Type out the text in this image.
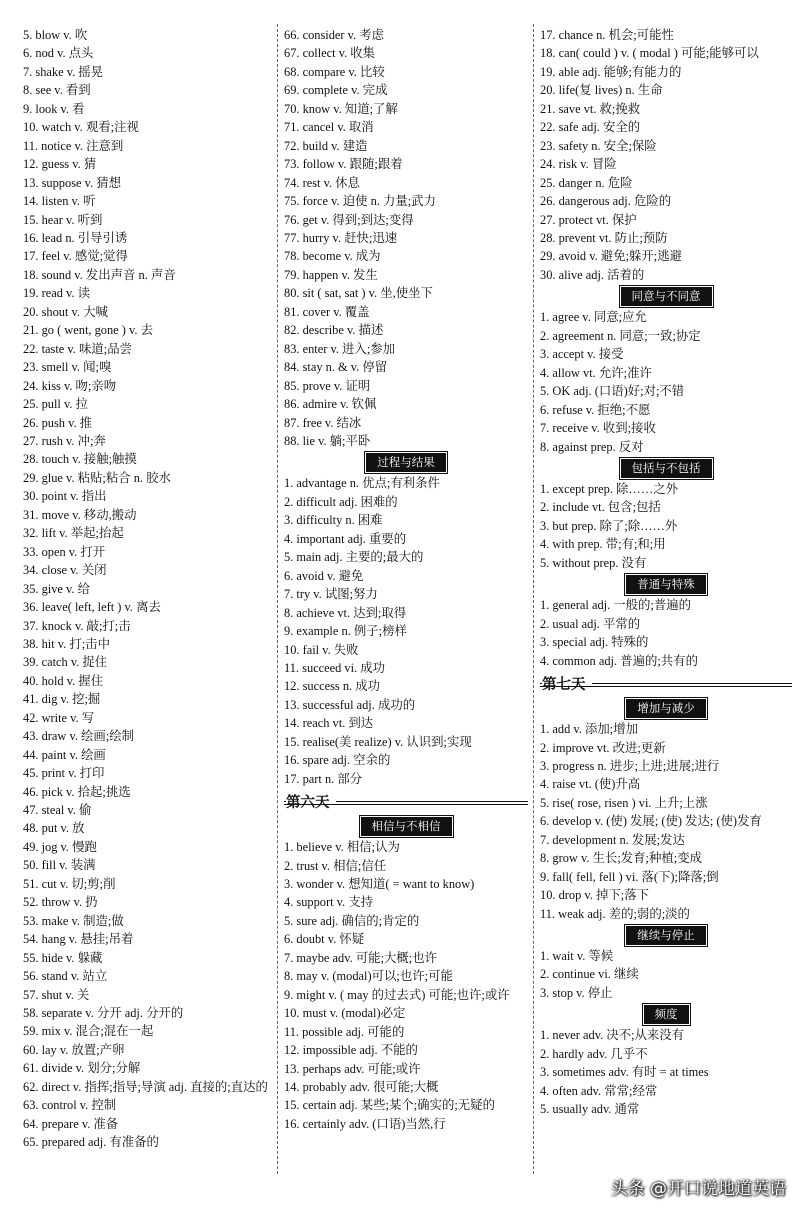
5. blow v. 吹
6. nod v. 点头
7. shake v. 摇晃
8. see v. 看到
9. look v. 看
10. watch v. 观看;注视
11. notice v. 注意到
12. guess v. 猜
13. suppose v. 猜想
14. listen v. 听
15. hear v. 听到
16. lead n. 引导引诱
17. feel v. 感觉;觉得
18. sound v. 发出声音 n. 声音
19. read v. 读
20. shout v. 大喊
21. go ( went, gone ) v. 去
22. taste v. 味道;品尝
23. smell v. 闻;嗅
24. kiss v. 吻;亲吻
25. pull v. 拉
26. push v. 推
27. rush v. 冲;奔
28. touch v. 接触;触摸
29. glue v. 粘贴;粘合 n. 胶水
30. point v. 指出
31. move v. 移动,搬动
32. lift v. 举起;抬起
33. open v. 打开
34. close v. 关闭
35. give v. 给
36. leave( left, left ) v. 离去
37. knock v. 敲;打;击
38. hit v. 打;击中
39. catch v. 捉住
40. hold v. 握住
41. dig v. 挖;掘
42. write v. 写
43. draw v. 绘画;绘制
44. paint v. 绘画
45. print v. 打印
46. pick v. 拾起;挑选
47. steal v. 偷
48. put v. 放
49. jog v. 慢跑
50. fill v. 装满
51. cut v. 切;剪;削
52. throw v. 扔
53. make v. 制造;做
54. hang v. 悬挂;吊着
55. hide v. 躲藏
56. stand v. 站立
57. shut v. 关
58. separate v. 分开 adj. 分开的
59. mix v. 混合;混在一起
60. lay v. 放置;产卵
61. divide v. 划分;分解
62. direct v. 指挥;指导;导演 adj. 直接的;直达的
63. control v. 控制
64. prepare v. 准备
65. prepared adj. 有准备的
66. consider v. 考虑
67. collect v. 收集
68. compare v. 比较
69. complete v. 完成
70. know v. 知道;了解
71. cancel v. 取消
72. build v. 建造
73. follow v. 跟随;跟着
74. rest v. 休息
75. force v. 迫使 n. 力量;武力
76. get v. 得到;到达;变得
77. hurry v. 赶快;迅速
78. become v. 成为
79. happen v. 发生
80. sit ( sat, sat ) v. 坐,使坐下
81. cover v. 覆盖
82. describe v. 描述
83. enter v. 进入;参加
84. stay n. & v. 停留
85. prove v. 证明
86. admire v. 钦佩
87. free v. 结冰
88. lie v. 躺;平卧
过程与结果
1. advantage n. 优点;有利条件
2. difficult adj. 困难的
3. difficulty n. 困难
4. important adj. 重要的
5. main adj. 主要的;最大的
6. avoid v. 避免
7. try v. 试图;努力
8. achieve vt. 达到;取得
9. example n. 例子;榜样
10. fail v. 失败
11. succeed vi. 成功
12. success n. 成功
13. successful adj. 成功的
14. reach vt. 到达
15. realise(美 realize) v. 认识到;实现
16. spare adj. 空余的
17. part n. 部分
第六天
相信与不相信
1. believe v. 相信;认为
2. trust v. 相信;信任
3. wonder v. 想知道( = want to know)
4. support v. 支持
5. sure adj. 确信的;肯定的
6. doubt v. 怀疑
7. maybe adv. 可能;大概;也许
8. may v. (modal)可以;也许;可能
9. might v. ( may 的过去式) 可能;也许;或许
10. must v. (modal)必定
11. possible adj. 可能的
12. impossible adj. 不能的
13. perhaps adv. 可能;或许
14. probably adv. 很可能;大概
15. certain adj. 某些;某个;确实的;无疑的
16. certainly adv. (口语)当然,行
17. chance n. 机会;可能性
18. can( could ) v. ( modal ) 可能;能够可以
19. able adj. 能够;有能力的
20. life(复 lives) n. 生命
21. save vt. 救;挽救
22. safe adj. 安全的
23. safety n. 安全;保险
24. risk v. 冒险
25. danger n. 危险
26. dangerous adj. 危险的
27. protect vt. 保护
28. prevent vt. 防止;预防
29. avoid v. 避免;躲开;逃避
30. alive adj. 活着的
同意与不同意
1. agree v. 同意;应允
2. agreement n. 同意;一致;协定
3. accept v. 接受
4. allow vt. 允许;准许
5. OK adj. (口语)好;对;不错
6. refuse v. 拒绝;不愿
7. receive v. 收到;接收
8. against prep. 反对
包括与不包括
1. except prep. 除……之外
2. include vt. 包含;包括
3. but prep. 除了;除……外
4. with prep. 带;有;和;用
5. without prep. 没有
普通与特殊
1. general adj. 一般的;普遍的
2. usual adj. 平常的
3. special adj. 特殊的
4. common adj. 普遍的;共有的
第七天
增加与减少
1. add v. 添加;增加
2. improve vt. 改进;更新
3. progress n. 进步;上进;进展;进行
4. raise vt. (使)升高
5. rise( rose, risen ) vi. 上升;上涨
6. develop v. (使) 发展; (使) 发达; (使)发育
7. development n. 发展;发达
8. grow v. 生长;发育;种植;变成
9. fall( fell, fell ) vi. 落(下);降落;倒
10. drop v. 掉下;落下
11. weak adj. 差的;弱的;淡的
继续与停止
1. wait v. 等候
2. continue vi. 继续
3. stop v. 停止
频度
1. never adv. 决不;从来没有
2. hardly adv. 几乎不
3. sometimes adv. 有时 = at times
4. often adv. 常常;经常
5. usually adv. 通常
头条 @开口说地道英语
